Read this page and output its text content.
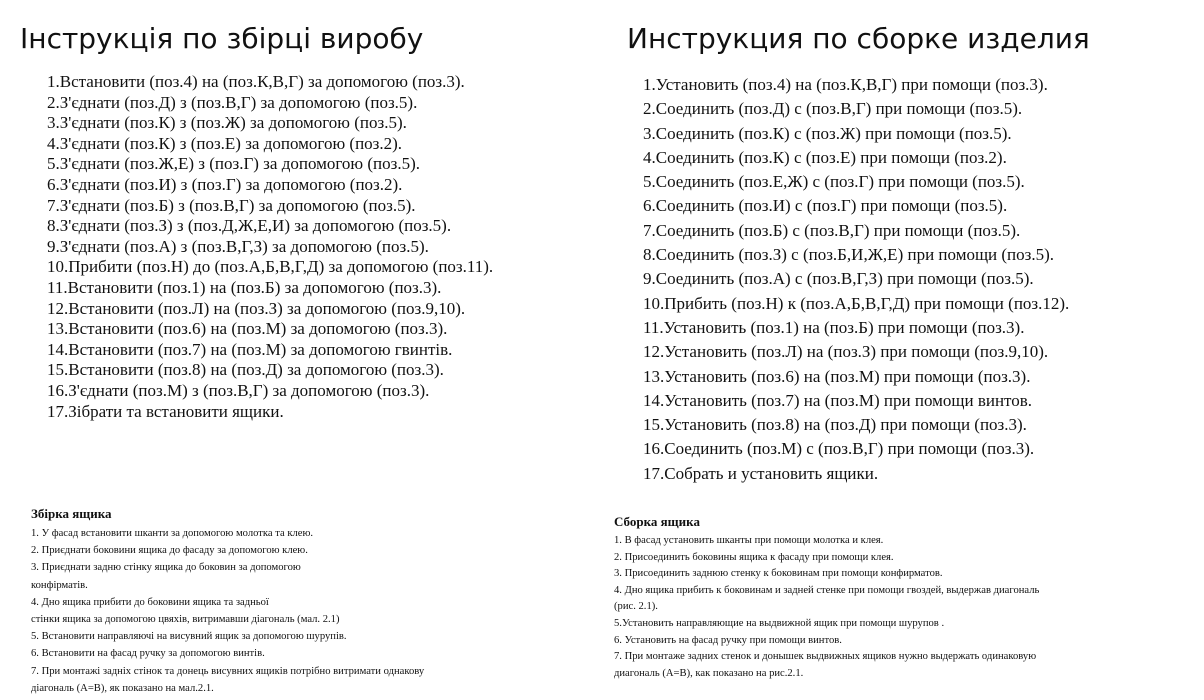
Інструкція по збірці виробу	Инструкция по сборке изделия
1.Встановити (поз.4) на (поз.К,В,Г) за допомогою (поз.3).
2.З'єднати (поз.Д) з (поз.В,Г) за допомогою (поз.5).
3.З'єднати (поз.К) з (поз.Ж) за допомогою (поз.5).
4.З'єднати (поз.К) з (поз.Е) за допомогою (поз.2).
5.З'єднати (поз.Ж,Е) з (поз.Г) за допомогою (поз.5).
6.З'єднати (поз.И) з (поз.Г) за допомогою (поз.2).
7.З'єднати (поз.Б) з (поз.В,Г) за допомогою (поз.5).
8.З'єднати (поз.З) з (поз.Д,Ж,Е,И) за допомогою (поз.5).
9.З'єднати (поз.А) з (поз.В,Г,З) за допомогою (поз.5).
10.Прибити (поз.Н) до (поз.А,Б,В,Г,Д) за допомогою (поз.11).
11.Встановити (поз.1) на (поз.Б) за допомогою (поз.3).
12.Встановити (поз.Л) на (поз.З) за допомогою (поз.9,10).
13.Встановити (поз.6) на (поз.М) за допомогою (поз.3).
14.Встановити (поз.7) на (поз.М) за допомогою гвинтів.
15.Встановити (поз.8) на (поз.Д) за допомогою (поз.3).
16.З'єднати (поз.М) з (поз.В,Г) за допомогою (поз.3).
17.Зібрати та встановити ящики.
1.Установить (поз.4) на (поз.К,В,Г) при помощи (поз.3).
2.Соединить (поз.Д) с (поз.В,Г) при помощи (поз.5).
3.Соединить (поз.К) с (поз.Ж) при помощи (поз.5).
4.Соединить (поз.К) с (поз.Е) при помощи (поз.2).
5.Соединить (поз.Е,Ж) с (поз.Г) при помощи (поз.5).
6.Соединить (поз.И) с (поз.Г) при помощи (поз.5).
7.Соединить (поз.Б) с (поз.В,Г) при помощи (поз.5).
8.Соединить (поз.З) с (поз.Б,И,Ж,Е) при помощи (поз.5).
9.Соединить (поз.А) с (поз.В,Г,З) при помощи (поз.5).
10.Прибить (поз.Н) к (поз.А,Б,В,Г,Д) при помощи (поз.12).
11.Установить (поз.1) на (поз.Б) при помощи (поз.3).
12.Установить (поз.Л) на (поз.З) при помощи (поз.9,10).
13.Установить (поз.6) на (поз.М) при помощи (поз.3).
14.Установить (поз.7) на (поз.М) при помощи винтов.
15.Установить (поз.8) на (поз.Д) при помощи (поз.3).
16.Соединить (поз.М) с (поз.В,Г) при помощи (поз.3).
17.Собрать и установить ящики.
Збірка ящика
1. У фасад встановити шканти за допомогою молотка та клею.
2. Приєднати боковини ящика до фасаду за допомогою клею.
3. Приєднати задню стінку ящика до боковин за допомогою
конфірматів.
4. Дно ящика прибити до боковини ящика та задньої
стінки ящика за допомогою цвяхів, витримавши діагональ (мал. 2.1)
5. Встановити направляючі на висувний ящик за допомогою шурупів.
6. Встановити на фасад ручку за допомогою винтів.
7. При монтажі задніх стінок та донець висувних ящиків потрібно витримати однакову
діагональ (А=В), як показано на мал.2.1.
Сборка ящика
1. В фасад установить шканты при помощи молотка и клея.
2. Присоединить боковины ящика к фасаду при помощи клея.
3. Присоединить заднюю стенку к боковинам при помощи конфирматов.
4. Дно ящика прибить к боковинам и задней стенке при помощи гвоздей, выдержав диагональ
(рис. 2.1).
5.Установить направляющие на выдвижной ящик при помощи шурупов .
6. Установить на фасад ручку при помощи винтов.
7. При монтаже задних стенок и донышек выдвижных ящиков нужно выдержать одинаковую
диагональ (А=В), как показано на рис.2.1.
